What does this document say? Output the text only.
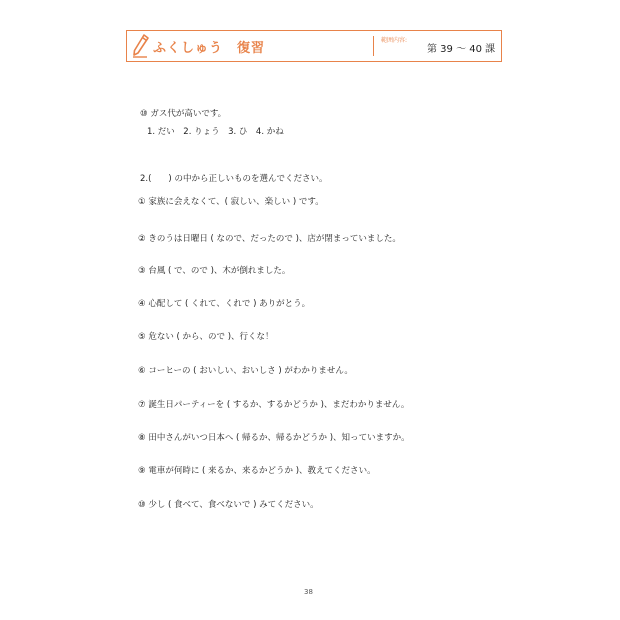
ふくしゅう　復習
範囲内容:
第 39 〜 40 課
⑩ ガス代が高いです。
1. だい　2. りょう　3. ひ　4. かね
2.(　　) の中から正しいものを選んでください。
① 家族に会えなくて、( 寂しい、楽しい ) です。
② きのうは日曜日 ( なので、だったので )、店が閉まっていました。
③ 台風 ( で、ので )、木が倒れました。
④ 心配して ( くれて、くれで ) ありがとう。
⑤ 危ない ( から、ので )、行くな！
⑥ コーヒーの ( おいしい、おいしさ ) がわかりません。
⑦ 誕生日パーティーを ( するか、するかどうか )、まだわかりません。
⑧ 田中さんがいつ日本へ ( 帰るか、帰るかどうか )、知っていますか。
⑨ 電車が何時に ( 来るか、来るかどうか )、教えてください。
⑩ 少し ( 食べて、食べないで ) みてください。
38
